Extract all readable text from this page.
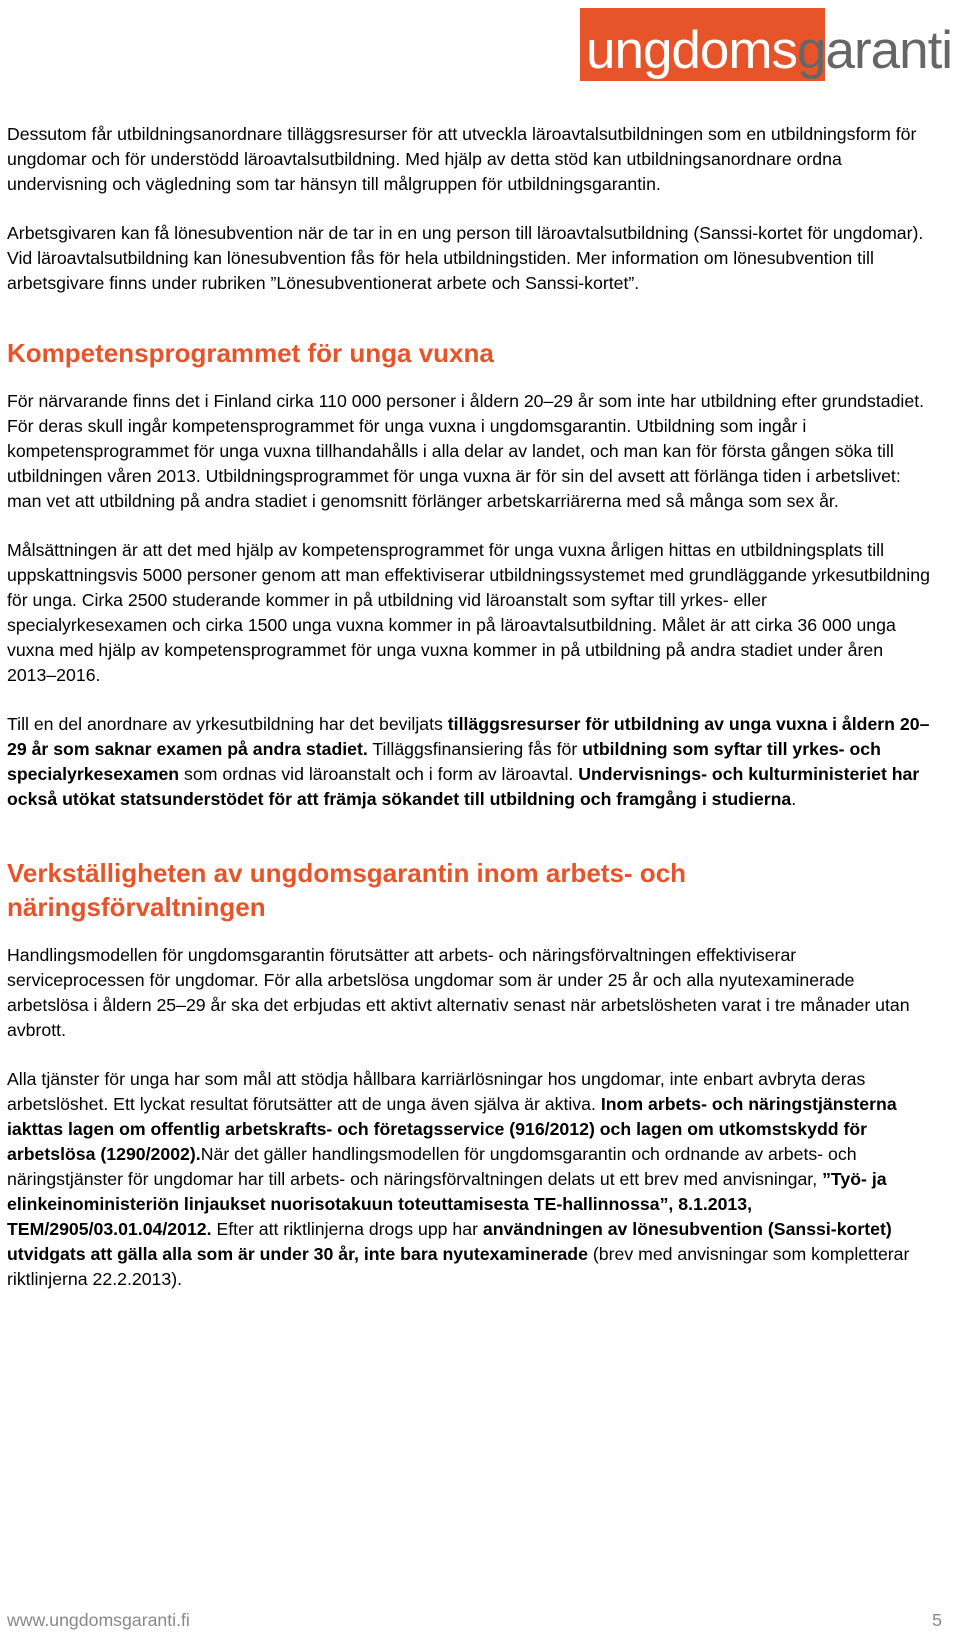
ungdomsgaranti

Dessutom får utbildningsanordnare tilläggsresurser för att utveckla läroavtalsutbildningen som en utbildningsform för ungdomar och för understödd läroavtalsutbildning. Med hjälp av detta stöd kan utbildningsanordnare ordna undervisning och vägledning som tar hänsyn till målgruppen för utbildningsgarantin.

Arbetsgivaren kan få lönesubvention när de tar in en ung person till läroavtalsutbildning (Sanssi-kortet för ungdomar). Vid läroavtalsutbildning kan lönesubvention fås för hela utbildningstiden. Mer information om lönesubvention till arbetsgivare finns under rubriken ”Lönesubventionerat arbete och Sanssi-kortet”.

Kompetensprogrammet för unga vuxna

För närvarande finns det i Finland cirka 110 000 personer i åldern 20–29 år som inte har utbildning efter grundstadiet. För deras skull ingår kompetensprogrammet för unga vuxna i ungdomsgarantin. Utbildning som ingår i kompetensprogrammet för unga vuxna tillhandahålls i alla delar av landet, och man kan för första gången söka till utbildningen våren 2013. Utbildningsprogrammet för unga vuxna är för sin del avsett att förlänga tiden i arbetslivet: man vet att utbildning på andra stadiet i genomsnitt förlänger arbetskarriärerna med så många som sex år.

Målsättningen är att det med hjälp av kompetensprogrammet för unga vuxna årligen hittas en utbildningsplats till uppskattningsvis 5000 personer genom att man effektiviserar utbildningssystemet med grundläggande yrkesutbildning för unga. Cirka 2500 studerande kommer in på utbildning vid läroanstalt som syftar till yrkes- eller specialyrkesexamen och cirka 1500 unga vuxna kommer in på läroavtalsutbildning. Målet är att cirka 36 000 unga vuxna med hjälp av kompetensprogrammet för unga vuxna kommer in på utbildning på andra stadiet under åren 2013–2016.

Till en del anordnare av yrkesutbildning har det beviljats tilläggsresurser för utbildning av unga vuxna i åldern 20–29 år som saknar examen på andra stadiet. Tilläggsfinansiering fås för utbildning som syftar till yrkes- och specialyrkesexamen som ordnas vid läroanstalt och i form av läroavtal. Undervisnings- och kulturministeriet har också utökat statsunderstödet för att främja sökandet till utbildning och framgång i studierna.

Verkställigheten av ungdomsgarantin inom arbets- och näringsförvaltningen

Handlingsmodellen för ungdomsgarantin förutsätter att arbets- och näringsförvaltningen effektiviserar serviceprocessen för ungdomar. För alla arbetslösa ungdomar som är under 25 år och alla nyutexaminerade arbetslösa i åldern 25–29 år ska det erbjudas ett aktivt alternativ senast när arbetslösheten varat i tre månader utan avbrott.

Alla tjänster för unga har som mål att stödja hållbara karriärlösningar hos ungdomar, inte enbart avbryta deras arbetslöshet. Ett lyckat resultat förutsätter att de unga även själva är aktiva. Inom arbets- och näringstjänsterna iakttas lagen om offentlig arbetskrafts- och företagsservice (916/2012) och lagen om utkomstskydd för arbetslösa (1290/2002).När det gäller handlingsmodellen för ungdomsgarantin och ordnande av arbets- och näringstjänster för ungdomar har till arbets- och näringsförvaltningen delats ut ett brev med anvisningar, ”Työ- ja elinkeinoministeriön linjaukset nuorisotakuun toteuttamisesta TE-hallinnossa”, 8.1.2013, TEM/2905/03.01.04/2012. Efter att riktlinjerna drogs upp har användningen av lönesubvention (Sanssi-kortet) utvidgats att gälla alla som är under 30 år, inte bara nyutexaminerade (brev med anvisningar som kompletterar riktlinjerna 22.2.2013).

www.ungdomsgaranti.fi	5
